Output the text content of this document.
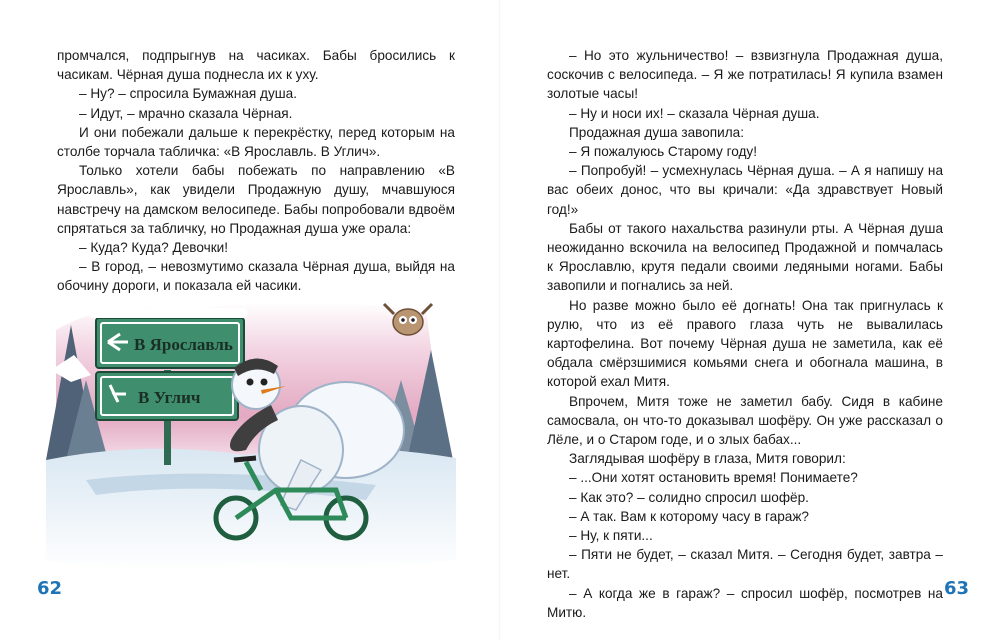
промчался, подпрыгнув на часиках. Бабы бросились к часикам. Чёрная душа поднесла их к уху.

– Ну? – спросила Бумажная душа.

– Идут, – мрачно сказала Чёрная.

И они побежали дальше к перекрёстку, перед которым на столбе торчала табличка: «В Ярославль. В Углич».

Только хотели бабы побежать по направлению «В Ярославль», как увидели Продажную душу, мчавшуюся навстречу на дамском велосипеде. Бабы попробовали вдвоём спрятаться за табличку, но Продажная душа уже орала:

– Куда? Куда? Девочки!

– В город, – невозмутимо сказала Чёрная душа, выйдя на обочину дороги, и показала ей часики.

В Ярославль
В Углич
62

– Но это жульничество! – взвизгнула Продажная душа, соскочив с велосипеда. – Я же потратилась! Я купила взамен золотые часы!

– Ну и носи их! – сказала Чёрная душа.

Продажная душа завопила:

– Я пожалуюсь Старому году!

– Попробуй! – усмехнулась Чёрная душа. – А я напишу на вас обеих донос, что вы кричали: «Да здравствует Новый год!»

Бабы от такого нахальства разинули рты. А Чёрная душа неожиданно вскочила на велосипед Продажной и помчалась к Ярославлю, крутя педали своими ледяными ногами. Бабы завопили и погнались за ней.

Но разве можно было её догнать! Она так пригнулась к рулю, что из её правого глаза чуть не вывалилась картофелина. Вот почему Чёрная душа не заметила, как её обдала смёрзшимися комьями снега и обогнала машина, в которой ехал Митя.

Впрочем, Митя тоже не заметил бабу. Сидя в кабине самосвала, он что-то доказывал шофёру. Он уже рассказал о Лёле, и о Старом годе, и о злых бабах...

Заглядывая шофёру в глаза, Митя говорил:

– ...Они хотят остановить время! Понимаете?

– Как это? – солидно спросил шофёр.

– А так. Вам к которому часу в гараж?

– Ну, к пяти...

– Пяти не будет, – сказал Митя. – Сегодня будет, завтра – нет.

– А когда же в гараж? – спросил шофёр, посмотрев на Митю.

63
